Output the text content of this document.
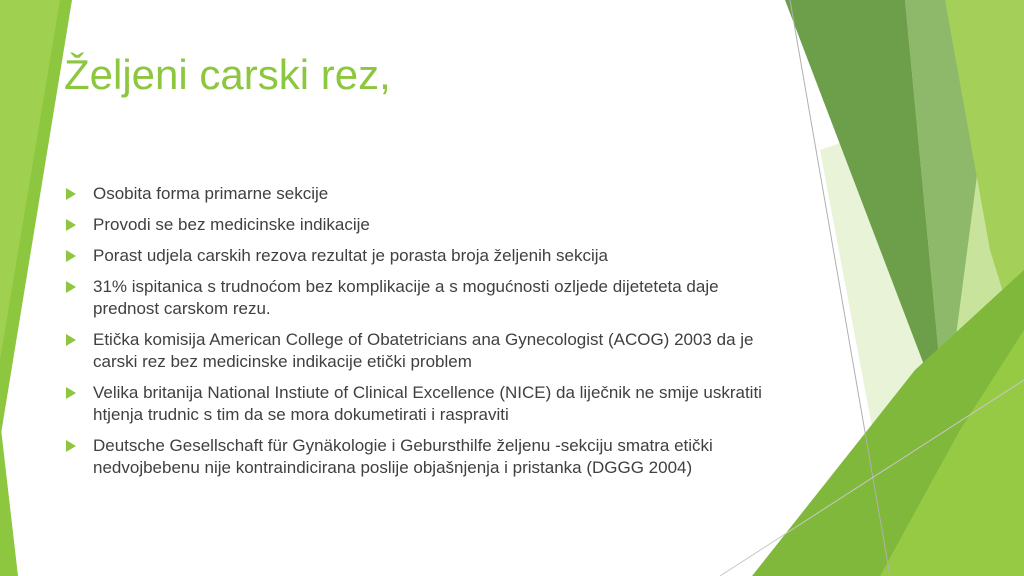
Željeni carski rez,
Osobita forma primarne sekcije
Provodi se bez medicinske indikacije
Porast udjela carskih rezova rezultat je porasta broja željenih sekcija
31% ispitanica s trudnoćom bez komplikacije a s mogućnosti ozljede dijeteteta daje prednost carskom rezu.
Etička komisija American College of Obatetricians ana Gynecologist (ACOG) 2003 da je carski rez bez medicinske indikacije etički problem
Velika britanija National Instiute of Clinical Excellence (NICE) da liječnik ne smije uskratiti htjenja trudnic s tim da se mora dokumetirati i raspraviti
Deutsche Gesellschaft für Gynäkologie i Gebursthilfe željenu -sekciju smatra etički nedvojbebenu nije kontraindicirana poslije objašnjenja i pristanka (DGGG 2004)
